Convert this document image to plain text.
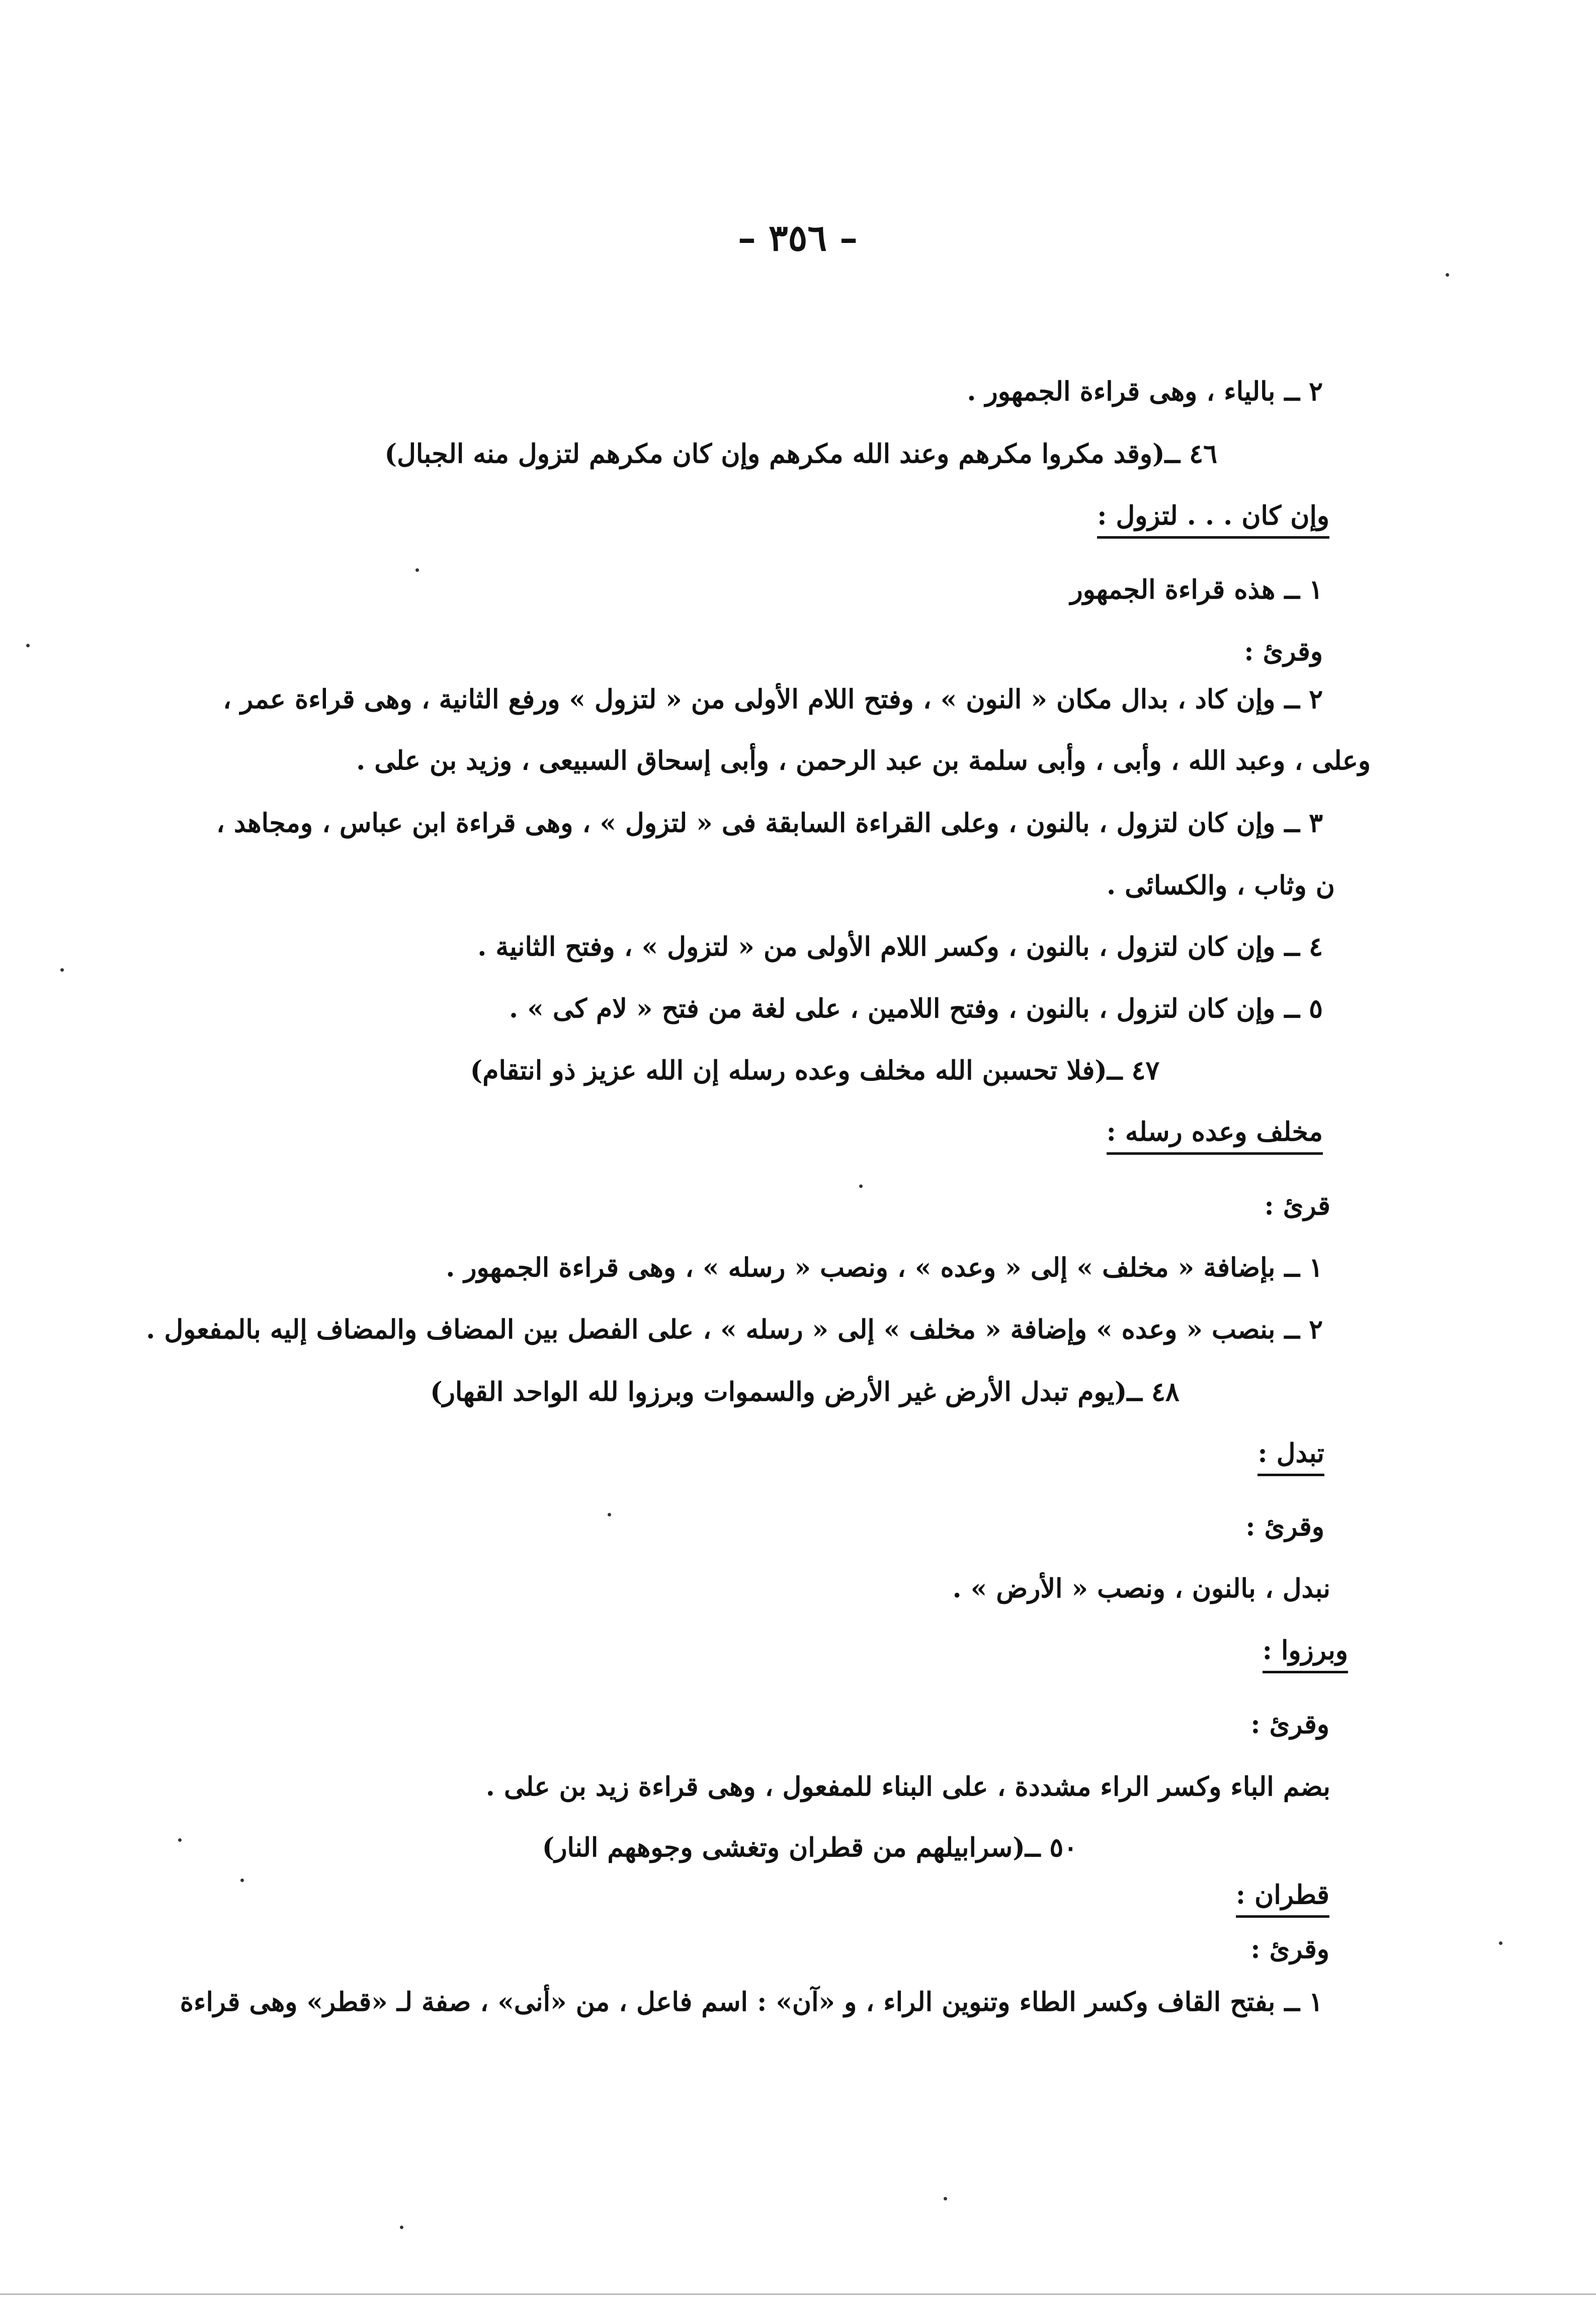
– ٣٥٦ –
٢ ــ بالياء ، وهى قراءة الجمهور .
٤٦ ــ(وقد مكروا مكرهم وعند الله مكرهم وإن كان مكرهم لتزول منه الجبال)
وإن كان . . . لتزول :
١ ــ هذه قراءة الجمهور
وقرئ :
٢ ــ وإن كاد ، بدال مكان « النون » ، وفتح اللام الأولى من « لتزول » ورفع الثانية ، وهى قراءة عمر ،
وعلى ، وعبد الله ، وأبى ، وأبى سلمة بن عبد الرحمن ، وأبى إسحاق السبيعى ، وزيد بن على .
٣ ــ وإن كان لتزول ، بالنون ، وعلى القراءة السابقة فى « لتزول » ، وهى قراءة ابن عباس ، ومجاهد ،
ن وثاب ، والكسائى .
٤ ــ وإن كان لتزول ، بالنون ، وكسر اللام الأولى من « لتزول » ، وفتح الثانية .
٥ ــ وإن كان لتزول ، بالنون ، وفتح اللامين ، على لغة من فتح « لام كى » .
٤٧ ــ(فلا تحسبن الله مخلف وعده رسله إن الله عزيز ذو انتقام)
مخلف وعده رسله :
قرئ :
١ ــ بإضافة « مخلف » إلى « وعده » ، ونصب « رسله » ، وهى قراءة الجمهور .
٢ ــ بنصب « وعده » وإضافة « مخلف » إلى « رسله » ، على الفصل بين المضاف والمضاف إليه بالمفعول .
٤٨ ــ(يوم تبدل الأرض غير الأرض والسموات وبرزوا لله الواحد القهار)
تبدل :
وقرئ :
نبدل ، بالنون ، ونصب « الأرض » .
وبرزوا :
وقرئ :
بضم الباء وكسر الراء مشددة ، على البناء للمفعول ، وهى قراءة زيد بن على .
٥٠ ــ(سرابيلهم من قطران وتغشى وجوههم النار)
قطران :
وقرئ :
١ ــ بفتح القاف وكسر الطاء وتنوين الراء ، و «آن» : اسم فاعل ، من «أنى» ، صفة لـ «قطر» وهى قراءة
